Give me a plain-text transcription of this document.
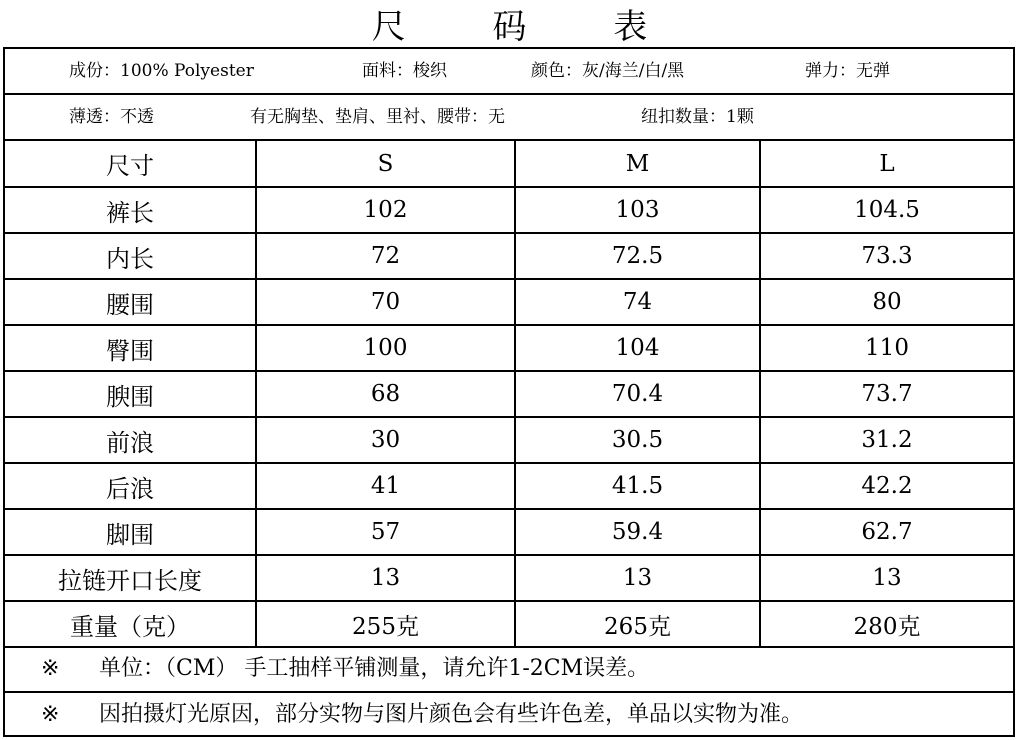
尺 码 表
成份：100% Polyester	面料：梭织	颜色：灰/海兰/白/黑	弹力：无弹
薄透：不透	有无胸垫、垫肩、里衬、腰带：无	纽扣数量：1颗
尺寸	S	M	L
裤长	102	103	104.5
内长	72	72.5	73.3
腰围	70	74	80
臀围	100	104	110
腴围	68	70.4	73.7
前浪	30	30.5	31.2
后浪	41	41.5	42.2
脚围	57	59.4	62.7
拉链开口长度	13	13	13
重量（克）	255克	265克	280克
※ 单位：（CM） 手工抽样平铺测量，请允许1-2CM误差。
※ 因拍摄灯光原因，部分实物与图片颜色会有些许色差，单品以实物为准。
